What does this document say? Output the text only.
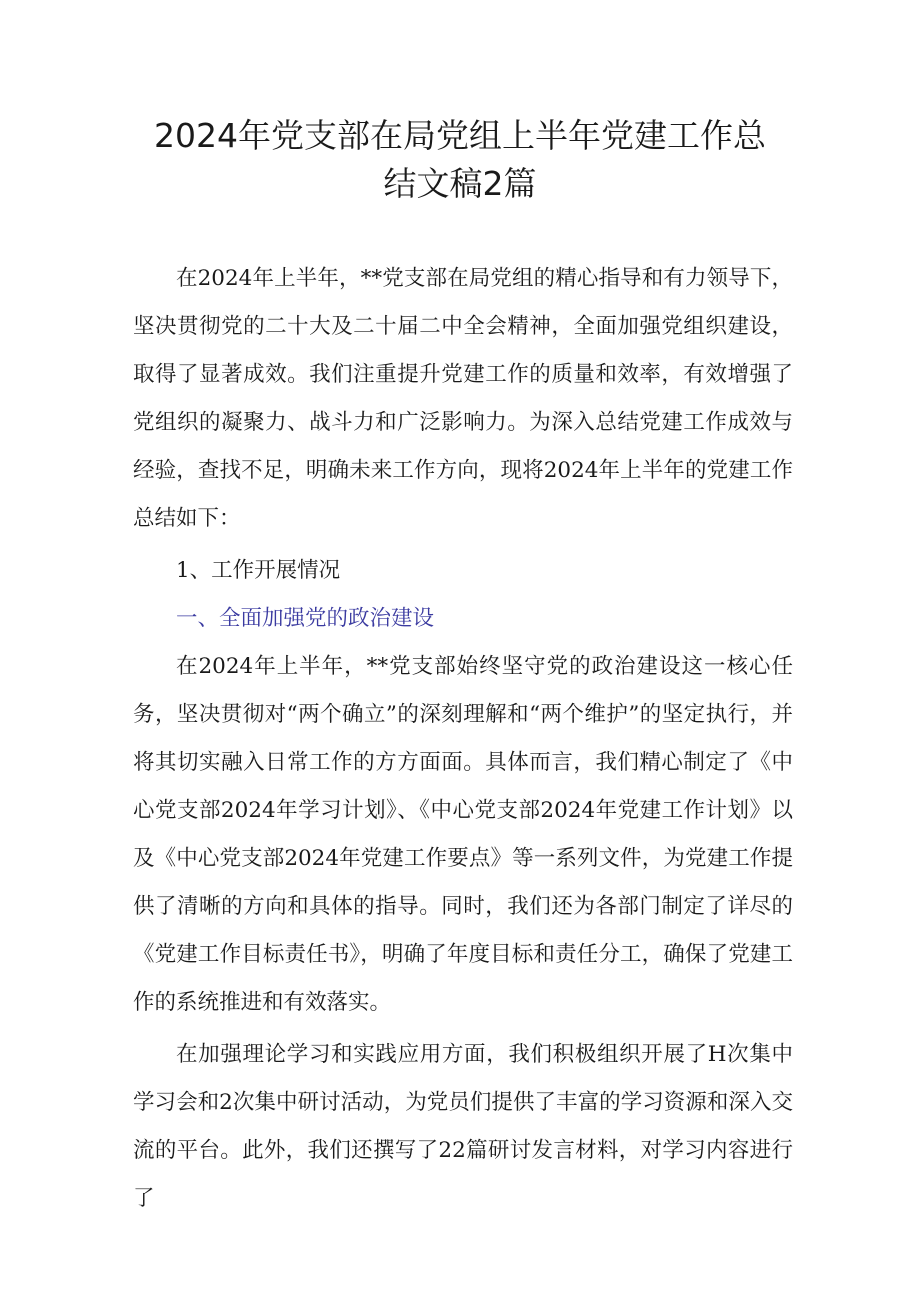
2024年党支部在局党组上半年党建工作总
结文稿2篇

在2024年上半年，**党支部在局党组的精心指导和有力领导下，坚决贯彻党的二十大及二十届二中全会精神，全面加强党组织建设，取得了显著成效。我们注重提升党建工作的质量和效率，有效增强了党组织的凝聚力、战斗力和广泛影响力。为深入总结党建工作成效与经验，查找不足，明确未来工作方向，现将2024年上半年的党建工作总结如下：

1、工作开展情况

一、全面加强党的政治建设

在2024年上半年，**党支部始终坚守党的政治建设这一核心任务，坚决贯彻对“两个确立”的深刻理解和“两个维护”的坚定执行，并将其切实融入日常工作的方方面面。具体而言，我们精心制定了《中心党支部2024年学习计划》、《中心党支部2024年党建工作计划》以及《中心党支部2024年党建工作要点》等一系列文件，为党建工作提供了清晰的方向和具体的指导。同时，我们还为各部门制定了详尽的《党建工作目标责任书》，明确了年度目标和责任分工，确保了党建工作的系统推进和有效落实。

在加强理论学习和实践应用方面，我们积极组织开展了H次集中学习会和2次集中研讨活动，为党员们提供了丰富的学习资源和深入交流的平台。此外，我们还撰写了22篇研讨发言材料，对学习内容进行了
